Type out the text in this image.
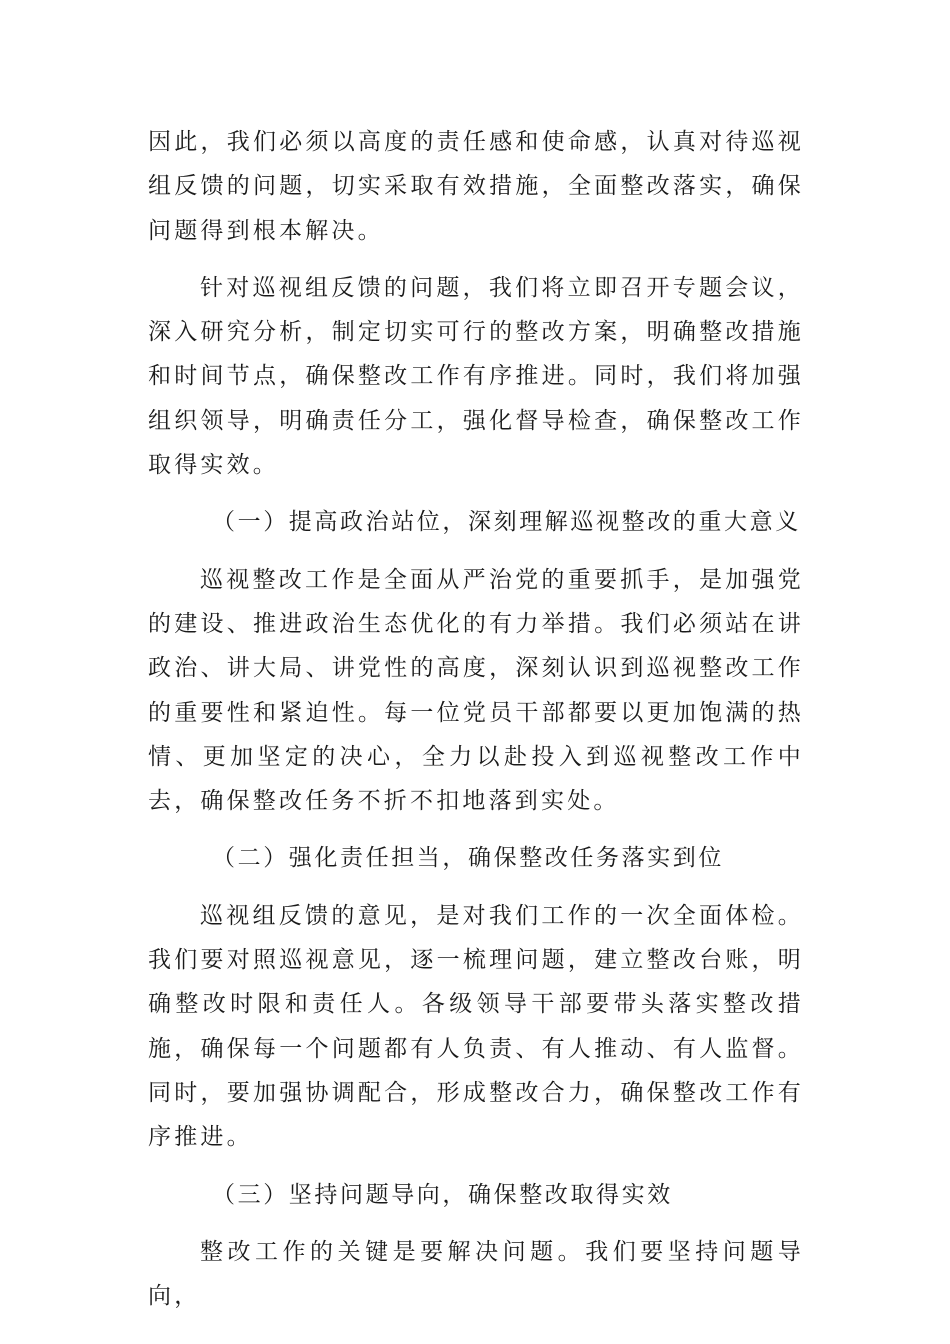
因此，我们必须以高度的责任感和使命感，认真对待巡视组反馈的问题，切实采取有效措施，全面整改落实，确保问题得到根本解决。

针对巡视组反馈的问题，我们将立即召开专题会议，深入研究分析，制定切实可行的整改方案，明确整改措施和时间节点，确保整改工作有序推进。同时，我们将加强组织领导，明确责任分工，强化督导检查，确保整改工作取得实效。

（一）提高政治站位，深刻理解巡视整改的重大意义

巡视整改工作是全面从严治党的重要抓手，是加强党的建设、推进政治生态优化的有力举措。我们必须站在讲政治、讲大局、讲党性的高度，深刻认识到巡视整改工作的重要性和紧迫性。每一位党员干部都要以更加饱满的热情、更加坚定的决心，全力以赴投入到巡视整改工作中去，确保整改任务不折不扣地落到实处。

（二）强化责任担当，确保整改任务落实到位

巡视组反馈的意见，是对我们工作的一次全面体检。我们要对照巡视意见，逐一梳理问题，建立整改台账，明确整改时限和责任人。各级领导干部要带头落实整改措施，确保每一个问题都有人负责、有人推动、有人监督。同时，要加强协调配合，形成整改合力，确保整改工作有序推进。

（三）坚持问题导向，确保整改取得实效

整改工作的关键是要解决问题。我们要坚持问题导向，
